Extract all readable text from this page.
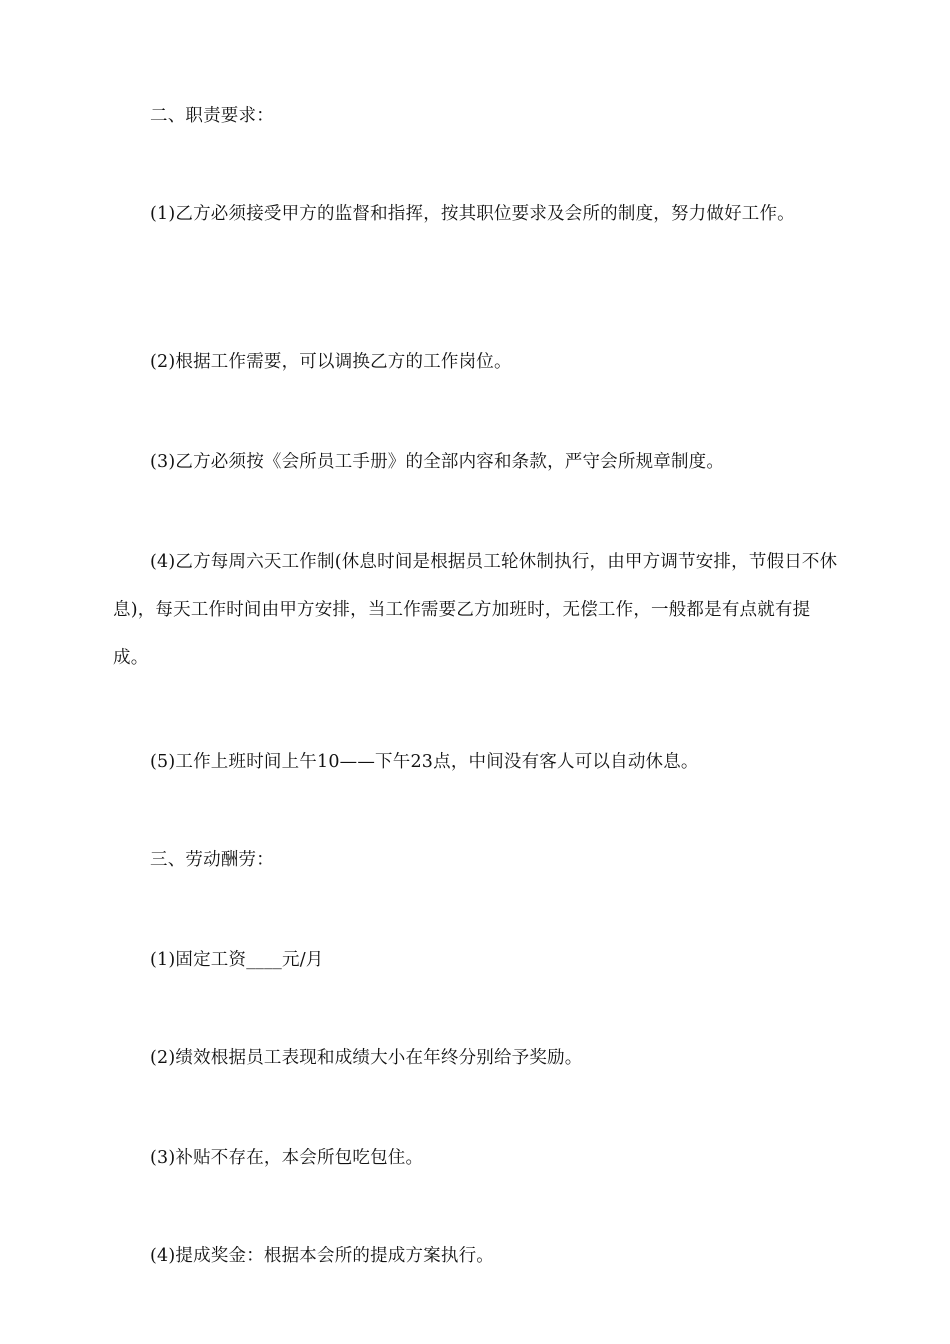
二、职责要求：
(1)乙方必须接受甲方的监督和指挥，按其职位要求及会所的制度，努力做好工作。
(2)根据工作需要，可以调换乙方的工作岗位。
(3)乙方必须按《会所员工手册》的全部内容和条款，严守会所规章制度。
(4)乙方每周六天工作制(休息时间是根据员工轮休制执行，由甲方调节安排，节假日不休息)，每天工作时间由甲方安排，当工作需要乙方加班时，无偿工作，一般都是有点就有提成。
(5)工作上班时间上午10——下午23点，中间没有客人可以自动休息。
三、劳动酬劳：
(1)固定工资____元/月
(2)绩效根据员工表现和成绩大小在年终分别给予奖励。
(3)补贴不存在，本会所包吃包住。
(4)提成奖金：根据本会所的提成方案执行。
